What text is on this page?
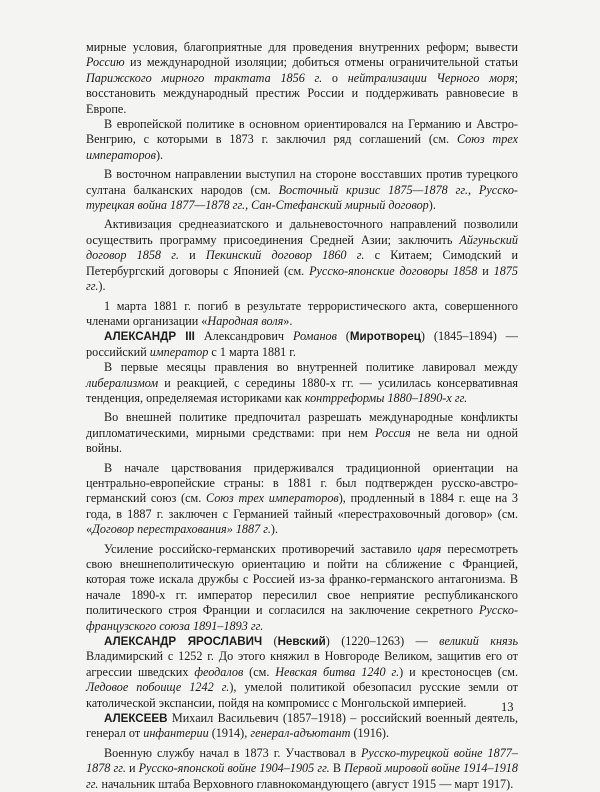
мирные условия, благоприятные для проведения внутренних реформ; вывести Россию из международной изоляции; добиться отмены ограничительной статьи Парижского мирного трактата 1856 г. о нейтрализации Черного моря; восстановить международный престиж России и поддерживать равновесие в Европе.

В европейской политике в основном ориентировался на Германию и Австро-Венгрию, с которыми в 1873 г. заключил ряд соглашений (см. Союз трех императоров).

В восточном направлении выступил на стороне восставших против турецкого султана балканских народов (см. Восточный кризис 1875—1878 гг., Русско-турецкая война 1877—1878 гг., Сан-Стефанский мирный договор).

Активизация среднеазиатского и дальневосточного направлений позволили осуществить программу присоединения Средней Азии; заключить Айгуньский договор 1858 г. и Пекинский договор 1860 г. с Китаем; Симодский и Петербургский договоры с Японией (см. Русско-японские договоры 1858 и 1875 гг.).

1 марта 1881 г. погиб в результате террористического акта, совершенного членами организации «Народная воля».

АЛЕКСАНДР III Александрович Романов (Миротворец) (1845–1894) — российский император с 1 марта 1881 г.

В первые месяцы правления во внутренней политике лавировал между либерализмом и реакцией, с середины 1880-х гг. — усилилась консервативная тенденция, определяемая историками как контрреформы 1880–1890-х гг.

Во внешней политике предпочитал разрешать международные конфликты дипломатическими, мирными средствами: при нем Россия не вела ни одной войны.

В начале царствования придерживался традиционной ориентации на центрально-европейские страны: в 1881 г. был подтвержден русско-австро-германский союз (см. Союз трех императоров), продленный в 1884 г. еще на 3 года, в 1887 г. заключен с Германией тайный «перестраховочный договор» (см. «Договор перестрахования» 1887 г.).

Усиление российско-германских противоречий заставило царя пересмотреть свою внешнеполитическую ориентацию и пойти на сближение с Францией, которая тоже искала дружбы с Россией из-за франко-германского антагонизма. В начале 1890-х гг. император пересилил свое неприятие республиканского политического строя Франции и согласился на заключение секретного Русско-французского союза 1891–1893 гг.

АЛЕКСАНДР ЯРОСЛАВИЧ (Невский) (1220–1263) — великий князь Владимирский с 1252 г. До этого княжил в Новгороде Великом, защитив его от агрессии шведских феодалов (см. Невская битва 1240 г.) и крестоносцев (см. Ледовое побоище 1242 г.), умелой политикой обезопасил русские земли от католической экспансии, пойдя на компромисс с Монгольской империей.

АЛЕКСЕЕВ Михаил Васильевич (1857–1918) – российский военный деятель, генерал от инфантерии (1914), генерал-адъютант (1916).

Военную службу начал в 1873 г. Участвовал в Русско-турецкой войне 1877–1878 гг. и Русско-японской войне 1904–1905 гг. В Первой мировой войне 1914–1918 гг. начальник штаба Верховного главнокомандующего (август 1915 — март 1917).

13
